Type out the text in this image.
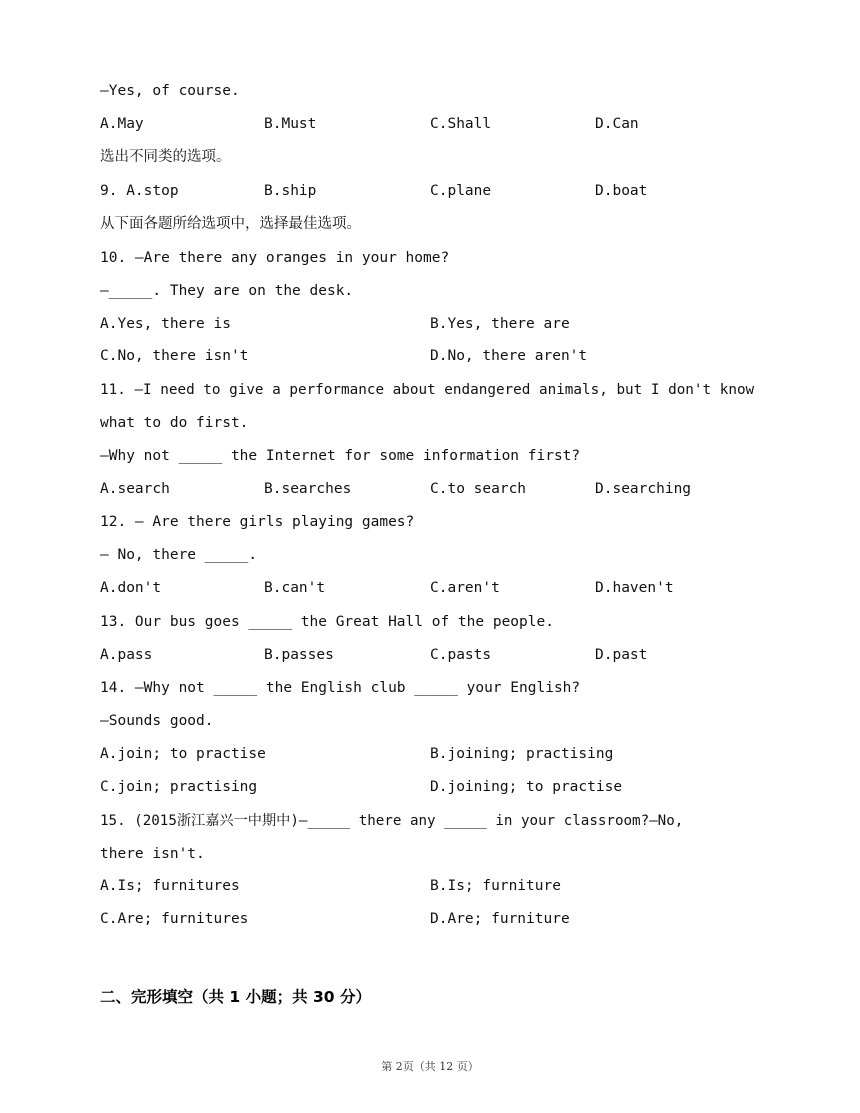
—Yes, of course.
A.May	B.Must	C.Shall	D.Can
选出不同类的选项。
9. A.stop	B.ship	C.plane	D.boat
从下面各题所给选项中，选择最佳选项。
10. —Are there any oranges in your home?
—_____. They are on the desk.
A.Yes, there is	B.Yes, there are
C.No, there isn't	D.No, there aren't
11. —I need to give a performance about endangered animals, but I don't know
what to do first.
—Why not _____ the Internet for some information first?
A.search	B.searches	C.to search	D.searching
12. — Are there girls playing games?
— No, there _____.
A.don't	B.can't	C.aren't	D.haven't
13. Our bus goes _____ the Great Hall of the people.
A.pass	B.passes	C.pasts	D.past
14. —Why not _____ the English club _____ your English?
—Sounds good.
A.join; to practise	B.joining; practising
C.join; practising	D.joining; to practise
15. (2015浙江嘉兴一中期中)—_____ there any _____ in your classroom?—No,
there isn't.
A.Is; furnitures	B.Is; furniture
C.Are; furnitures	D.Are; furniture
二、完形填空（共 1 小题；共 30 分）
第 2页（共 12 页）
